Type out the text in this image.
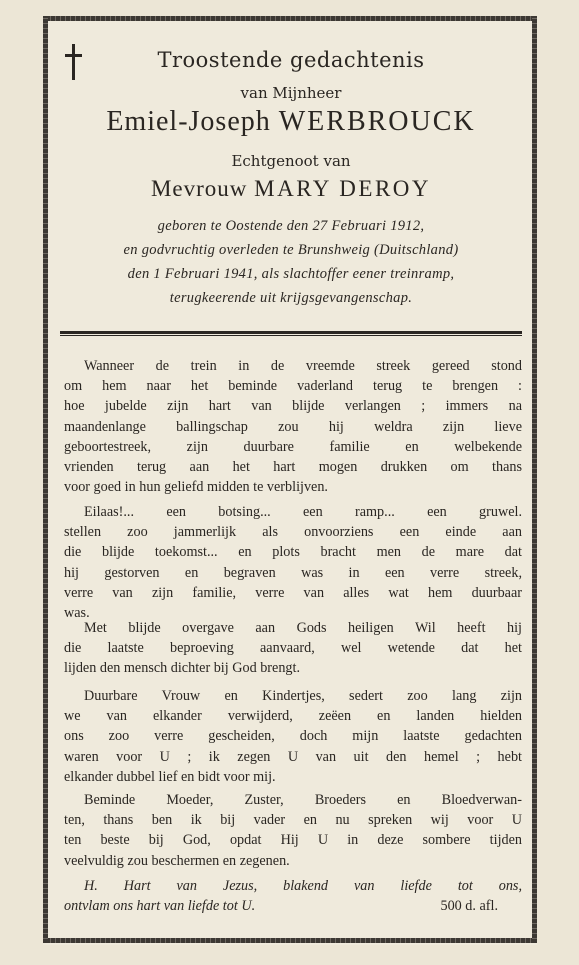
Troostende gedachtenis
van Mijnheer
Emiel-Joseph WERBROUCK
Echtgenoot van
Mevrouw MARY DEROY
geboren te Oostende den 27 Februari 1912,
en godvruchtig overleden te Brunshweig (Duitschland)
den 1 Februari 1941, als slachtoffer eener treinramp,
terugkeerende uit krijgsgevangenschap.
Wanneer de trein in de vreemde streek gereed stond
om hem naar het beminde vaderland terug te brengen :
hoe jubelde zijn hart van blijde verlangen ; immers na
maandenlange ballingschap zou hij weldra zijn lieve
geboortestreek, zijn duurbare familie en welbekende
vrienden terug aan het hart mogen drukken om thans
voor goed in hun geliefd midden te verblijven.
Eilaas!... een botsing... een ramp... een gruwel.
stellen zoo jammerlijk als onvoorziens een einde aan
die blijde toekomst... en plots bracht men de mare dat
hij gestorven en begraven was in een verre streek,
verre van zijn familie, verre van alles wat hem duurbaar
was.
Met blijde overgave aan Gods heiligen Wil heeft hij
die laatste beproeving aanvaard, wel wetende dat het
lijden den mensch dichter bij God brengt.
Duurbare Vrouw en Kindertjes, sedert zoo lang zijn
we van elkander verwijderd, zeëen en landen hielden
ons zoo verre gescheiden, doch mijn laatste gedachten
waren voor U ; ik zegen U van uit den hemel ; hebt
elkander dubbel lief en bidt voor mij.
Beminde Moeder, Zuster, Broeders en Bloedverwan-
ten, thans ben ik bij vader en nu spreken wij voor U
ten beste bij God, opdat Hij U in deze sombere tijden
veelvuldig zou beschermen en zegenen.
H. Hart van Jezus, blakend van liefde tot ons,
ontvlam ons hart van liefde tot U.	500 d. afl.
